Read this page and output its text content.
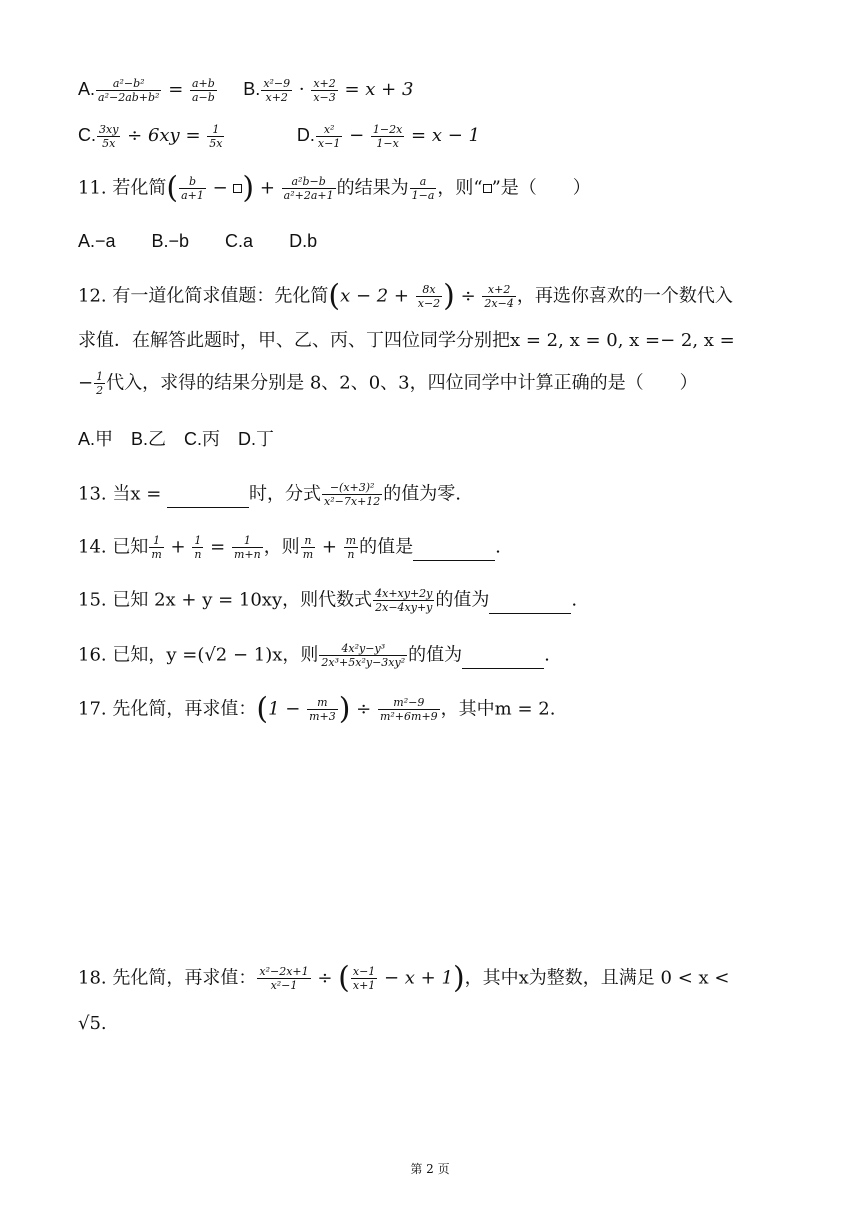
A. $\frac{\text{a²−b²}}{\text{a²−2ab+b²}} = \frac{a+b}{a-b} B$. $\frac{\text{x²−9}}{x+2} \cdot \frac{x+2}{x-3} = x + 3$
C. $\frac{3xy}{5x} \div 6xy = \frac{1}{5x}$	D. $\frac{\text{x²}}{x-1} - \frac{1-2x}{1-x} = x - 1$
11. 若化简( $\frac{b}{a+1}$ − ) + $\frac{\text{a²b−b}}{\text{a²+2a+1}}$ 的结果为 $\frac{a}{1-a}$ ，则“ ”是（　　）
A.−a　　B.−b　　C.a　　D.b
12. 有一道化简求值题：先化简($x - 2 + \frac{8x}{x-2}$ ) ÷ $\frac{x+2}{2x-4}$ ，再选你喜欢的一个数代入
求值．在解答此题时，甲、乙、丙、丁四位同学分别把x = 2, x = 0, x =− 2, x =
− $\frac{1}{2}$ 代入，求得的结果分别是 8、2、0、3，四位同学中计算正确的是（　　）
A.甲　B.乙　C.丙　D.丁
13. 当x =	时，分式 $\frac{\text{−(x+3)²}}{\text{x²−7x+12}}$ 的值为零.
14. 已知 $\frac{1}{m} + \frac{1}{n} = \frac{1}{m+n}$ ，则 $\frac{n}{m} + \frac{m}{n}$ 的值是	.
15. 已知 2x + y = 10xy，则代数式 $\frac{4x+xy+2y}{2x-4xy+y}$ 的值为	.
16. 已知，y =(√2 − 1)x，则 $\frac{\text{4x²y−y³}}{\text{2x³+5x²y−3xy²}}$ 的值为	.
17. 先化简，再求值：($1 - \frac{m}{m+3}$ ) ÷ $\frac{\text{m²−9}}{\text{m²+6m+9}}$ ，其中m = 2.
18. 先化简，再求值： $\frac{\text{x²−2x+1}}{\text{x²−1}}$ ÷ ( $\frac{x-1}{x+1} - x + 1$)，其中x为整数，且满足 0 < x <
√5.
第 2 页
